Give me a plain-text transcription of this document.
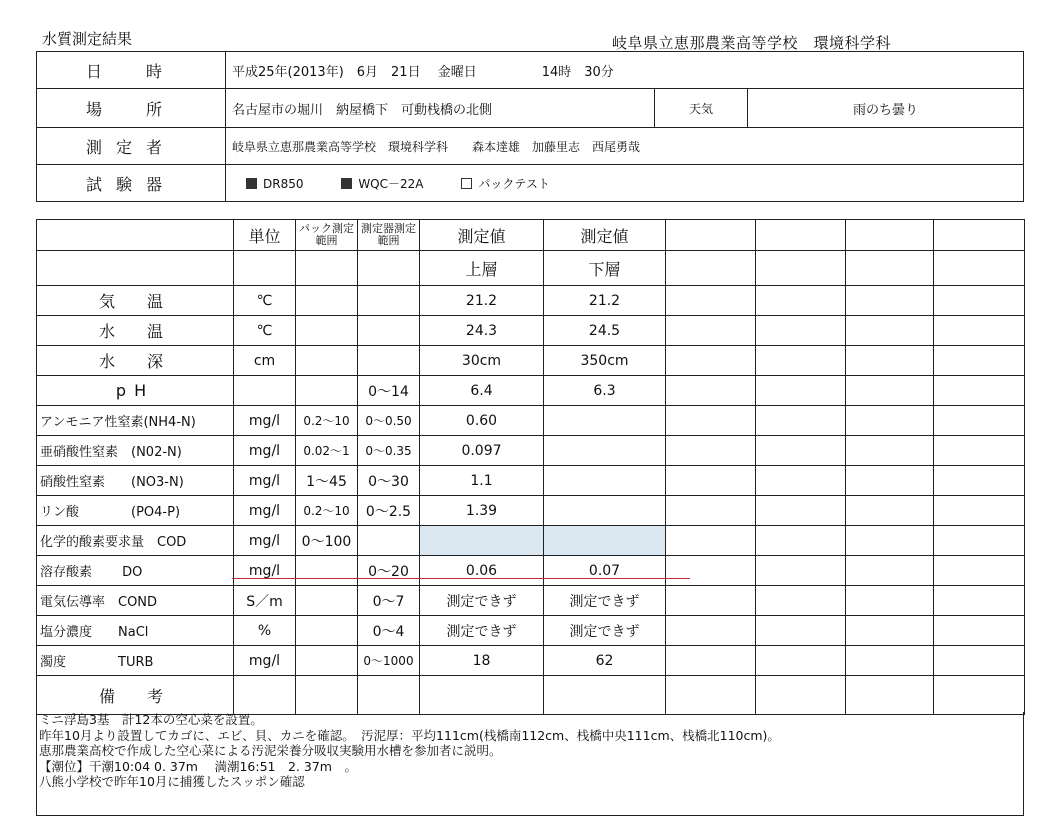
水質測定結果	岐阜県立恵那農業高等学校　環境科学科
日　時	平成25年(2013年)　6月　21日　 金曜日　　　　　14時　30分		
場　所	名古屋市の堀川　納屋橋下　可動栈橋の北側	天気	雨のち曇り
測定者	岐阜県立恵那農業高等学校　環境科学科　　森本達雄　加藤里志　西尾勇哉		
試験器	DR850 WQC－22A パックテスト		
	単位	パック測定範囲	測定器測定範囲	測定値	測定値				
				上層	下層				
気　温	℃			21.2	21.2				
水　温	℃			24.3	24.5				
水　深	cm			30cm	350cm				
pH			0～14	6.4	6.3				
アンモニア性窒素(NH4-N)	mg/l	0.2～10	0～0.50	0.60					
亜硝酸性窒素　(N02-N)	mg/l	0.02～1	0～0.35	0.097					
硝酸性窒素　　(NO3-N)	mg/l	1～45	0～30	1.1					
リン酸　　　　(PO4-P)	mg/l	0.2～10	0～2.5	1.39					
化学的酸素要求量　COD	mg/l	0～100							
溶存酸素　　 DO	mg/l		0～20	0.06	0.07				
電気伝導率　COND	S／m		0～7	測定できず	測定できず				
塩分濃度　　NaCl	%		0～4	測定できず	測定できず				
濁度　　　　TURB	mg/l		0～1000	18	62				
備　考									
ミニ浮島3基　計12本の空心菜を設置。
昨年10月より設置してカゴに、エビ、貝、カニを確認。　汚泥厚：平均111cm(栈橋南112cm、栈橋中央111cm、栈橋北110cm)。
恵那農業高校で作成した空心菜による汚泥栄養分吸収実験用水槽を参加者に説明。
【潮位】干潮10:04 0. 37m　 満潮16:51　2. 37m　。
八熊小学校で昨年10月に捕獲したスッポン確認
